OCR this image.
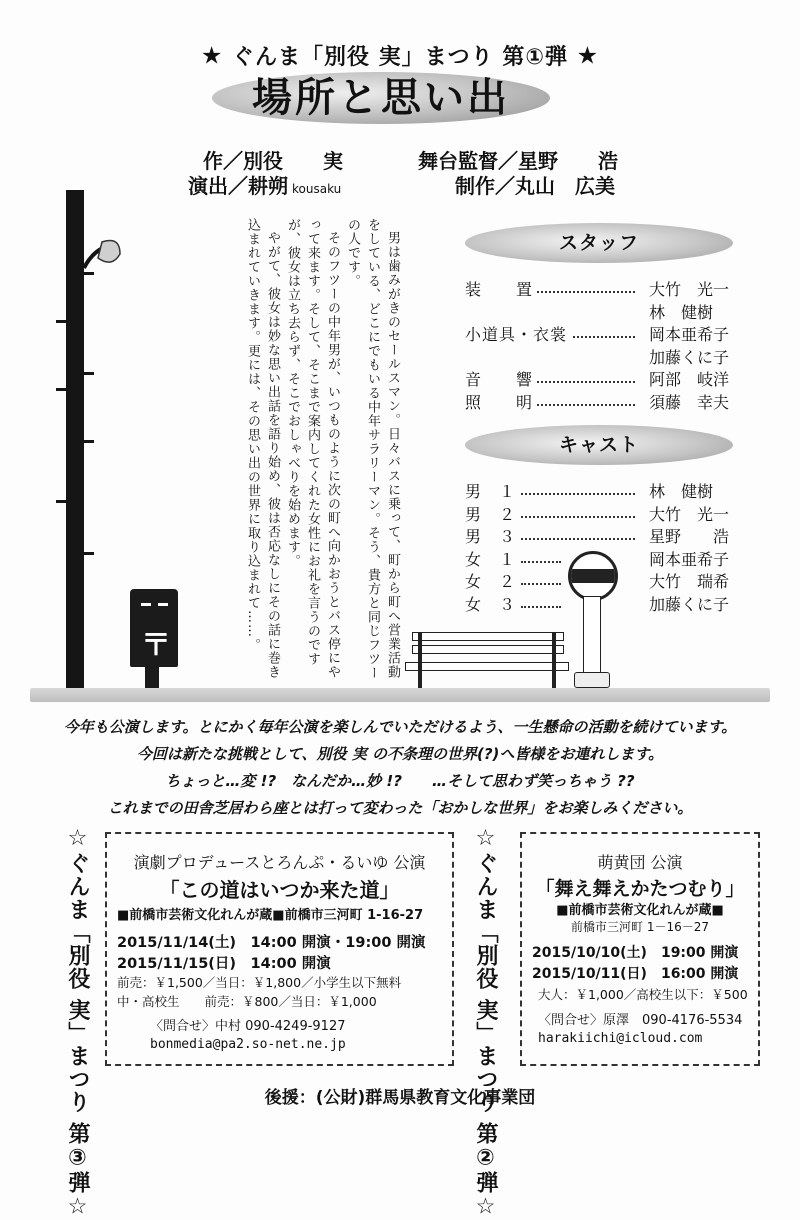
★ ぐんま「別役 実」まつり 第①弾 ★
場所と思い出
作／別役　　実	舞台監督／星野　　浩
演出／耕朔 kousaku	制作／丸山　広美
〒	男は歯みがきのセールスマン。日々バスに乗って、町から町へ営業活動をしている、どこにでもいる中年サラリーマン。そう、貴方と同じフツーの人です。

そのフツーの中年男が、いつものように次の町へ向かおうとバス停にやって来ます。そして、そこまで案内してくれた女性にお礼を言うのですが、彼女は立ち去らず、そこでおしゃべりを始めます。

やがて、彼女は妙な思い出話を語り始め、彼は否応なしにその話に巻き込まれていきます。更には、その思い出の世界に取り込まれて……。	スタッフ
装　　置	大竹　光一
林　健樹
小道具・衣裳	岡本亜希子
加藤くに子
音　　響	阿部　岐洋
照　　明	須藤　幸夫
キャスト
男　１	林　健樹
男　２	大竹　光一
男　３	星野　　浩
女　１	岡本亜希子
女　２	大竹　瑞希
女　３	加藤くに子
今年も公演します。とにかく毎年公演を楽しんでいただけるよう、一生懸命の活動を続けています。
今回は新たな挑戦として、別役 実 の不条理の世界(?)へ皆様をお連れします。
ちょっと…変 !?　なんだか…妙 !?　　…そして思わず笑っちゃう ??
これまでの田舎芝居わら座とは打って変わった「おかしな世界」をお楽しみください。
☆ぐんま「別役 実」まつり 第③弾☆	演劇プロデュースとろんぷ・るいゆ 公演
「この道はいつか来た道」
■前橋市芸術文化れんが蔵■前橋市三河町 1-16-27
2015/11/14(土)　14:00 開演・19:00 開演
2015/11/15(日)　14:00 開演
前売：￥1,500／当日：￥1,800／小学生以下無料
中・高校生　　前売：￥800／当日：￥1,000
〈問合せ〉中村 090-4249-9127
bonmedia@pa2.so-net.ne.jp	☆ぐんま「別役 実」まつり 第②弾☆	萌黄団 公演
「舞え舞えかたつむり」
■前橋市芸術文化れんが蔵■
前橋市三河町 1－16－27
2015/10/10(土)　19:00 開演
2015/10/11(日)　16:00 開演
大人：￥1,000／高校生以下：￥500
〈問合せ〉原澤　090-4176-5534
harakiichi@icloud.com
後援：(公財)群馬県教育文化事業団
